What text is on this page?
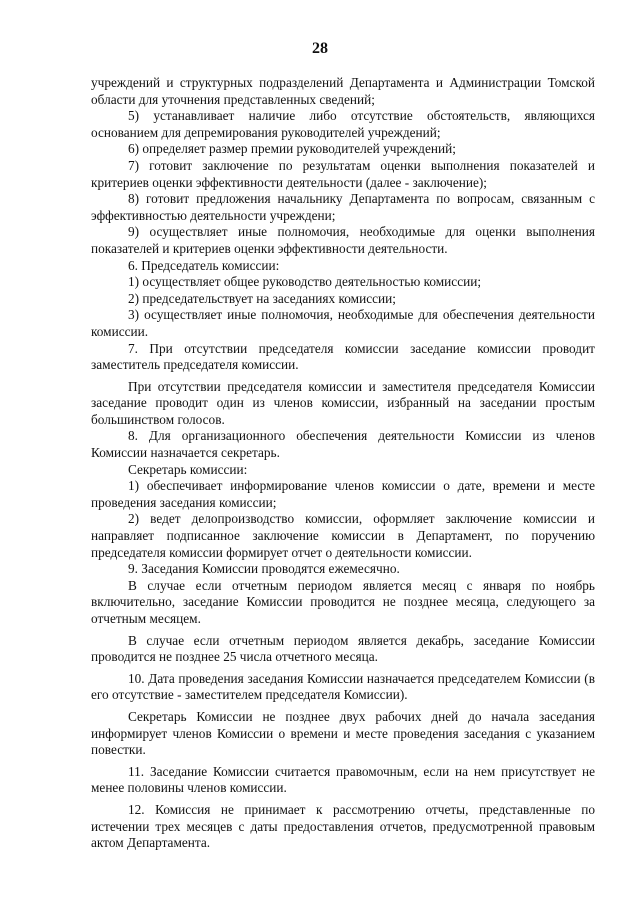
28

учреждений и структурных подразделений Департамента и Администрации Томской области для уточнения представленных сведений;

5) устанавливает наличие либо отсутствие обстоятельств, являющихся основанием для депремирования руководителей учреждений;

6) определяет размер премии руководителей учреждений;

7) готовит заключение по результатам оценки выполнения показателей и критериев оценки эффективности деятельности (далее - заключение);

8) готовит предложения начальнику Департамента по вопросам, связанным с эффективностью деятельности учреждени;

9) осуществляет иные полномочия, необходимые для оценки выполнения показателей и критериев оценки эффективности деятельности.

6. Председатель комиссии:

1) осуществляет общее руководство деятельностью комиссии;

2) председательствует на заседаниях комиссии;

3) осуществляет иные полномочия, необходимые для обеспечения деятельности комиссии.

7. При отсутствии председателя комиссии заседание комиссии проводит заместитель председателя комиссии.

При отсутствии председателя комиссии и заместителя председателя Комиссии заседание проводит один из членов комиссии, избранный на заседании простым большинством голосов.

8. Для организационного обеспечения деятельности Комиссии из членов Комиссии назначается секретарь.

Секретарь комиссии:

1) обеспечивает информирование членов комиссии о дате, времени и месте проведения заседания комиссии;

2) ведет делопроизводство комиссии, оформляет заключение комиссии и направляет подписанное заключение комиссии в Департамент, по поручению председателя комиссии формирует отчет о деятельности комиссии.

9. Заседания Комиссии проводятся ежемесячно.

В случае если отчетным периодом является месяц с января по ноябрь включительно, заседание Комиссии проводится не позднее месяца, следующего за отчетным месяцем.

В случае если отчетным периодом является декабрь, заседание Комиссии проводится не позднее 25 числа отчетного месяца.

10. Дата проведения заседания Комиссии назначается председателем Комиссии (в его отсутствие - заместителем председателя Комиссии).

Секретарь Комиссии не позднее двух рабочих дней до начала заседания информирует членов Комиссии о времени и месте проведения заседания с указанием повестки.

11. Заседание Комиссии считается правомочным, если на нем присутствует не менее половины членов комиссии.

12. Комиссия не принимает к рассмотрению отчеты, представленные по истечении трех месяцев с даты предоставления отчетов, предусмотренной правовым актом Департамента.
